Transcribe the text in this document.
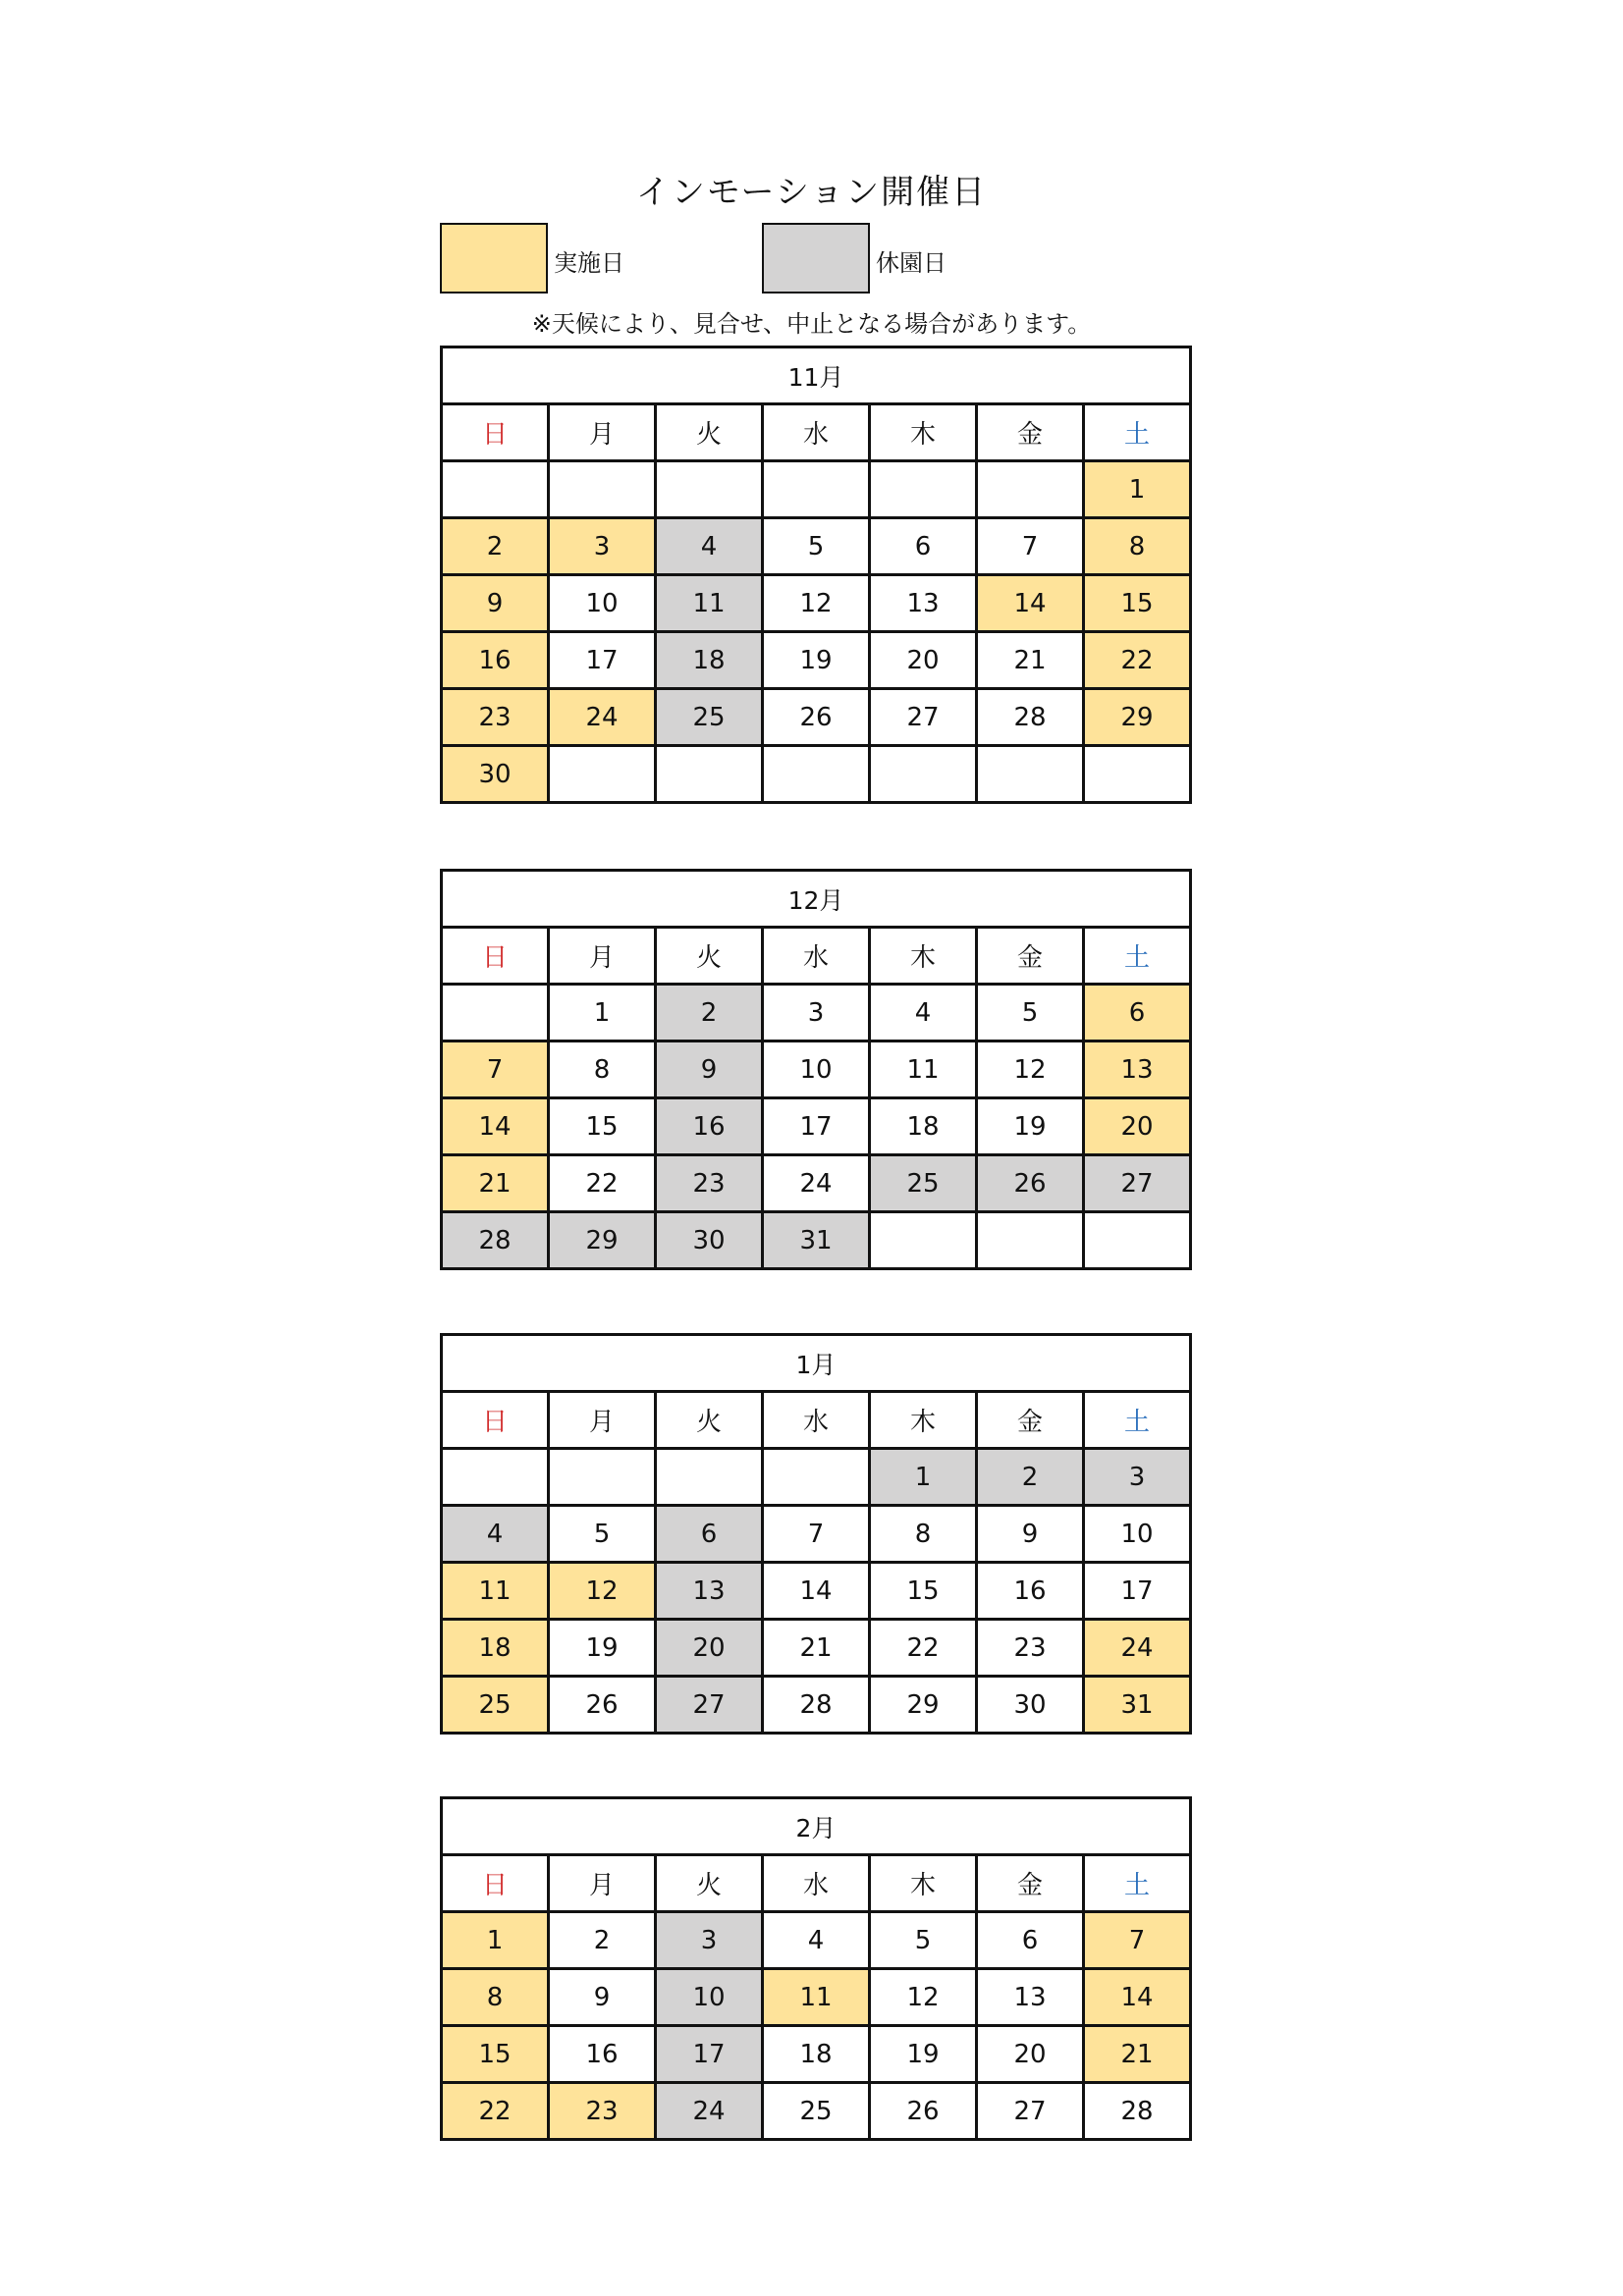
インモーション開催日
実施日	休園日
※天候により、見合せ、中止となる場合があります。
11月						
日	月	火	水	木	金	土
						1
2	3	4	5	6	7	8
9	10	11	12	13	14	15
16	17	18	19	20	21	22
23	24	25	26	27	28	29
30						
12月						
日	月	火	水	木	金	土
	1	2	3	4	5	6
7	8	9	10	11	12	13
14	15	16	17	18	19	20
21	22	23	24	25	26	27
28	29	30	31			
1月						
日	月	火	水	木	金	土
				1	2	3
4	5	6	7	8	9	10
11	12	13	14	15	16	17
18	19	20	21	22	23	24
25	26	27	28	29	30	31
2月						
日	月	火	水	木	金	土
1	2	3	4	5	6	7
8	9	10	11	12	13	14
15	16	17	18	19	20	21
22	23	24	25	26	27	28
